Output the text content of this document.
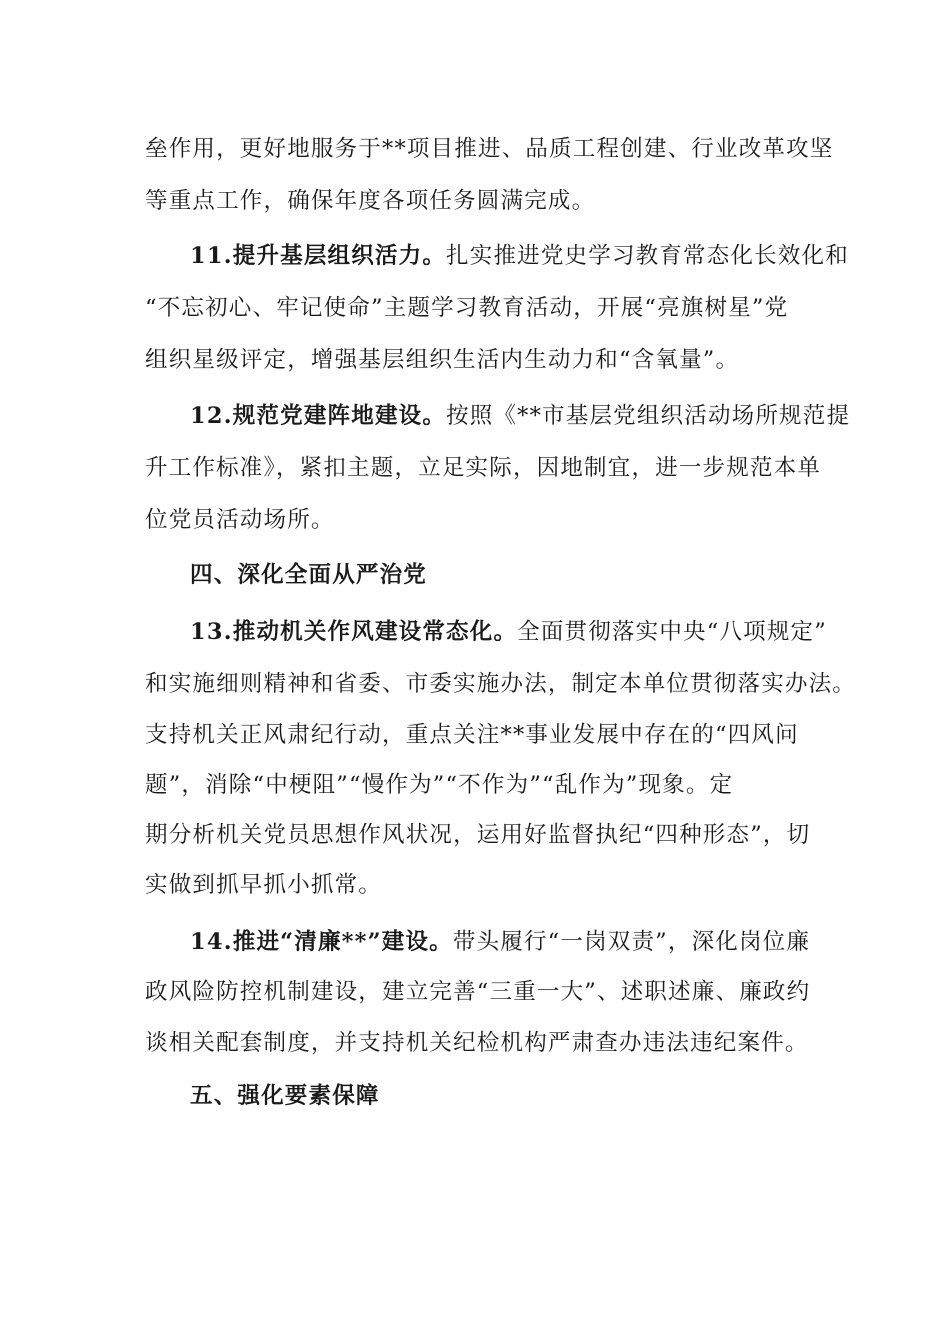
垒作用，更好地服务于**项目推进、品质工程创建、行业改革攻坚
等重点工作，确保年度各项任务圆满完成。
11.提升基层组织活力。扎实推进党史学习教育常态化长效化和
“不忘初心、牢记使命”主题学习教育活动，开展“亮旗树星”党
组织星级评定，增强基层组织生活内生动力和“含氧量”。
12.规范党建阵地建设。按照《**市基层党组织活动场所规范提
升工作标准》，紧扣主题，立足实际，因地制宜，进一步规范本单
位党员活动场所。
四、深化全面从严治党
13.推动机关作风建设常态化。全面贯彻落实中央“八项规定”
和实施细则精神和省委、市委实施办法，制定本单位贯彻落实办法。
支持机关正风肃纪行动，重点关注**事业发展中存在的“四风问
题”，消除“中梗阻”“慢作为”“不作为”“乱作为”现象。定
期分析机关党员思想作风状况，运用好监督执纪“四种形态”，切
实做到抓早抓小抓常。
14.推进“清廉**”建设。带头履行“一岗双责”，深化岗位廉
政风险防控机制建设，建立完善“三重一大”、述职述廉、廉政约
谈相关配套制度，并支持机关纪检机构严肃查办违法违纪案件。
五、强化要素保障
